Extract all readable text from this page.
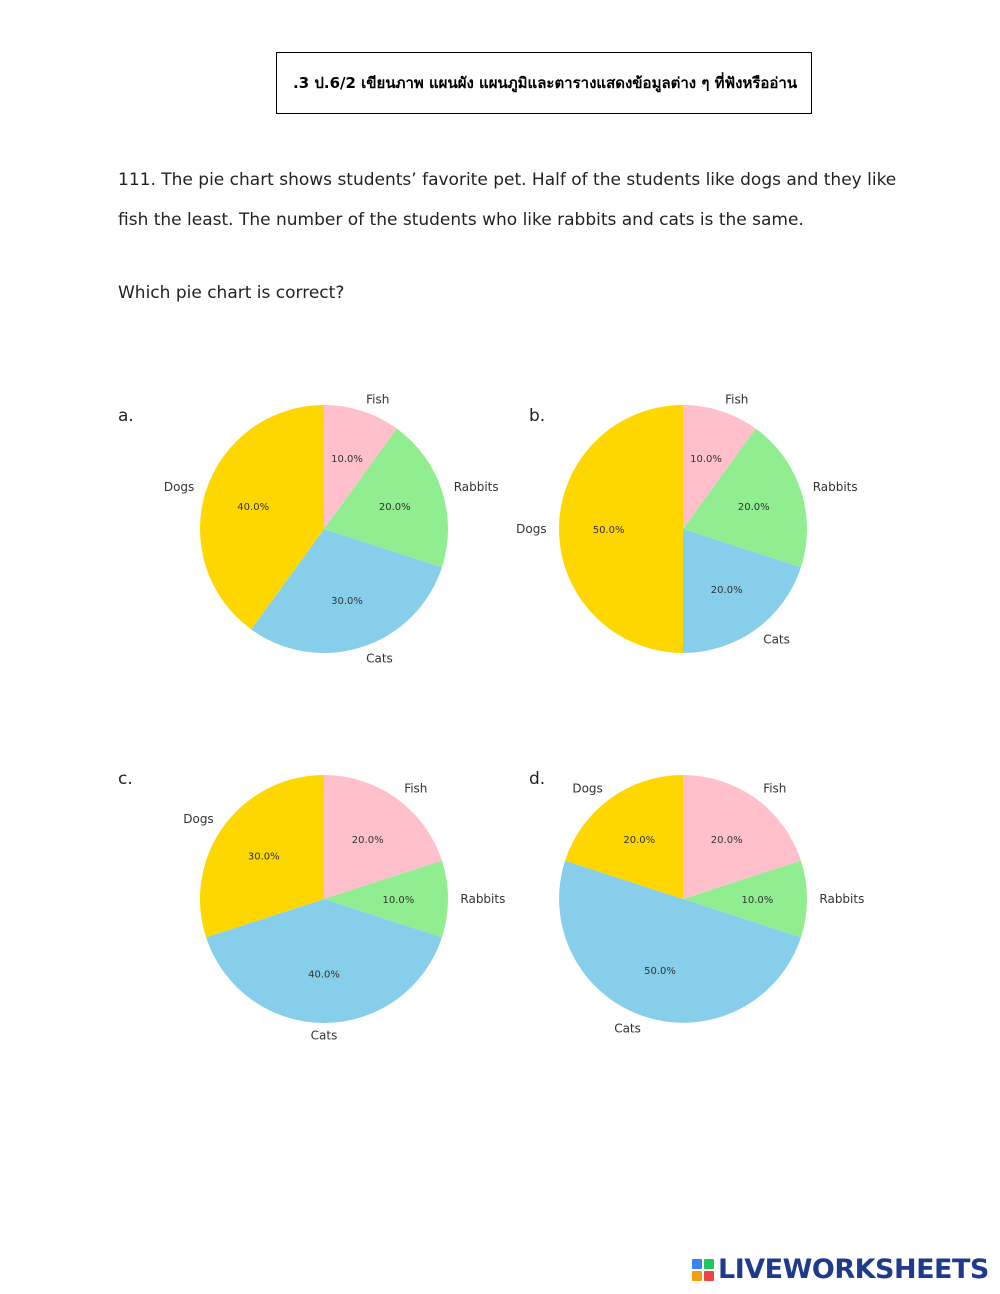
.3 ป.6/2 เขียนภาพ แผนผัง แผนภูมิและตารางแสดงข้อมูลต่าง ๆ ที่ฟังหรืออ่าน
111. The pie chart shows students’ favorite pet. Half of the students like dogs and they like fish the least. The number of the students who like rabbits and cats is the same.
Which pie chart is correct?
a.	b.
c.	d.
10.0%
Fish
20.0%
Rabbits
30.0%
Cats
40.0%
Dogs
10.0%
Fish
20.0%
Rabbits
20.0%
Cats
50.0%
Dogs
20.0%
Fish
10.0%	Rabbits
40.0%
Cats
30.0%
Dogs
20.0%
Fish
10.0%	Rabbits
50.0%
Cats
20.0%
Dogs
LIVEWORKSHEETS
